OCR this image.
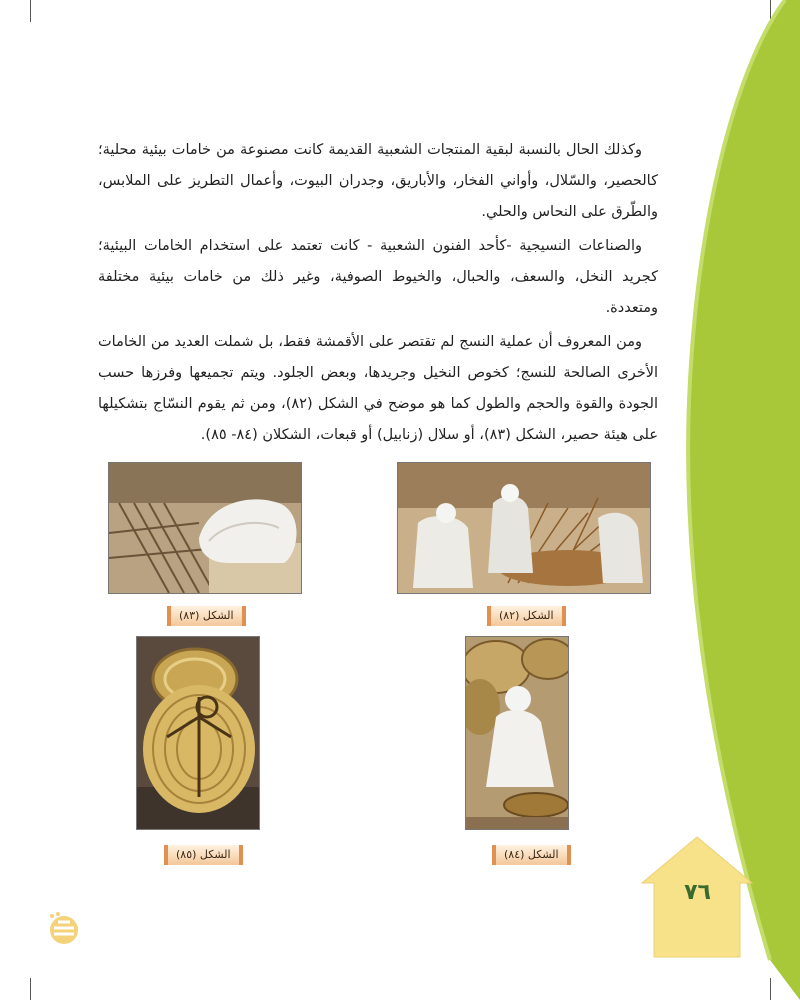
وكذلك الحال بالنسبة لبقية المنتجات الشعبية القديمة كانت مصنوعة من خامات بيئية محلية؛ كالحصير، والسّلال، وأواني الفخار، والأباريق، وجدران البيوت، وأعمال التطريز على الملابس، والطّرق على النحاس والحلي.

والصناعات النسيجية -كأحد الفنون الشعبية - كانت تعتمد على استخدام الخامات البيئية؛ كجريد النخل، والسعف، والحبال، والخيوط الصوفية، وغير ذلك من خامات بيئية مختلفة ومتعددة.

ومن المعروف أن عملية النسج لم تقتصر على الأقمشة فقط، بل شملت العديد من الخامات الأخرى الصالحة للنسج؛ كخوص النخيل وجريدها، وبعض الجلود. ويتم تجميعها وفرزها حسب الجودة والقوة والحجم والطول كما هو موضح في الشكل (٨٢)، ومن ثم يقوم النسّاج بتشكيلها على هيئة حصير، الشكل (٨٣)، أو سلال (زنابيل) أو قبعات، الشكلان (٨٤- ٨٥).

الشكل (٨٣)	الشكل (٨٢)
الشكل (٨٥)	الشكل (٨٤)
٧٦
